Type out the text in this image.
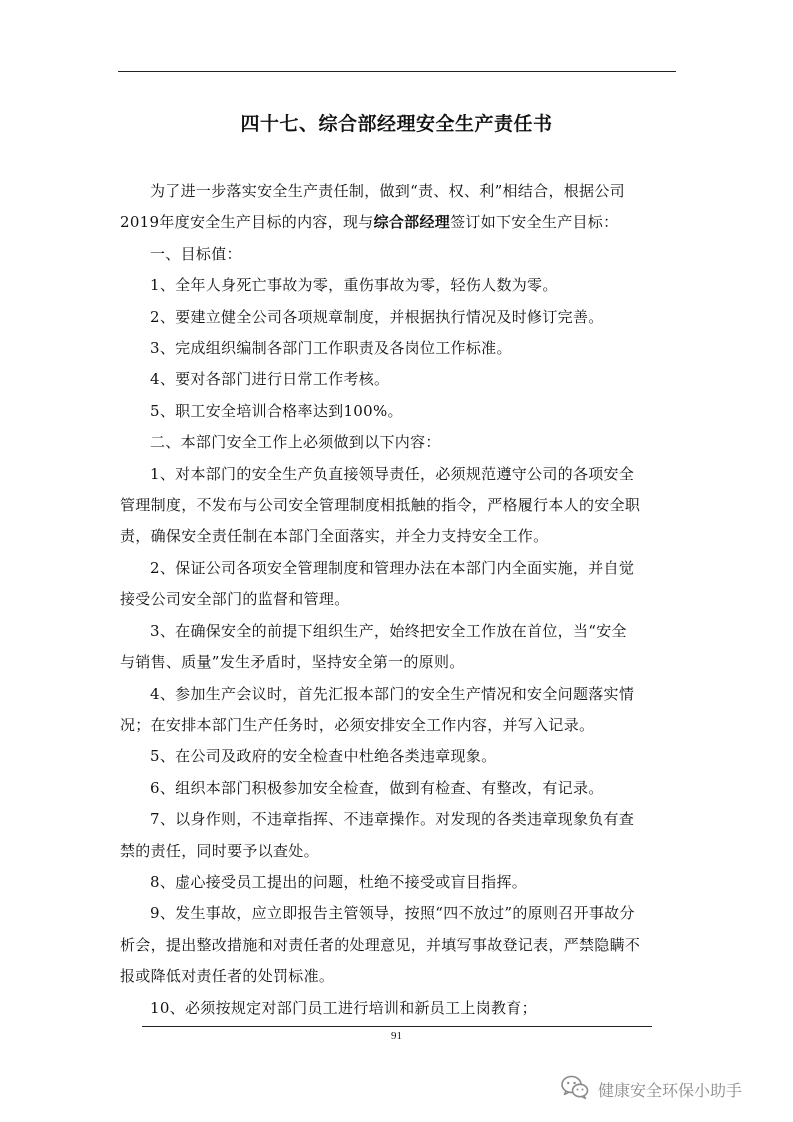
四十七、综合部经理安全生产责任书

为了进一步落实安全生产责任制，做到“责、权、利”相结合，根据公司2019年度安全生产目标的内容，现与综合部经理签订如下安全生产目标：

一、目标值：

1、全年人身死亡事故为零，重伤事故为零，轻伤人数为零。

2、要建立健全公司各项规章制度，并根据执行情况及时修订完善。

3、完成组织编制各部门工作职责及各岗位工作标准。

4、要对各部门进行日常工作考核。

5、职工安全培训合格率达到100%。

二、本部门安全工作上必须做到以下内容：

1、对本部门的安全生产负直接领导责任，必须规范遵守公司的各项安全管理制度，不发布与公司安全管理制度相抵触的指令，严格履行本人的安全职责，确保安全责任制在本部门全面落实，并全力支持安全工作。

2、保证公司各项安全管理制度和管理办法在本部门内全面实施，并自觉接受公司安全部门的监督和管理。

3、在确保安全的前提下组织生产，始终把安全工作放在首位，当“安全与销售、质量”发生矛盾时，坚持安全第一的原则。

4、参加生产会议时，首先汇报本部门的安全生产情况和安全问题落实情况；在安排本部门生产任务时，必须安排安全工作内容，并写入记录。

5、在公司及政府的安全检查中杜绝各类违章现象。

6、组织本部门积极参加安全检查，做到有检查、有整改，有记录。

7、以身作则，不违章指挥、不违章操作。对发现的各类违章现象负有查禁的责任，同时要予以查处。

8、虚心接受员工提出的问题，杜绝不接受或盲目指挥。

9、发生事故，应立即报告主管领导，按照“四不放过”的原则召开事故分析会，提出整改措施和对责任者的处理意见，并填写事故登记表，严禁隐瞒不报或降低对责任者的处罚标准。

10、必须按规定对部门员工进行培训和新员工上岗教育；

91
健康安全环保小助手
